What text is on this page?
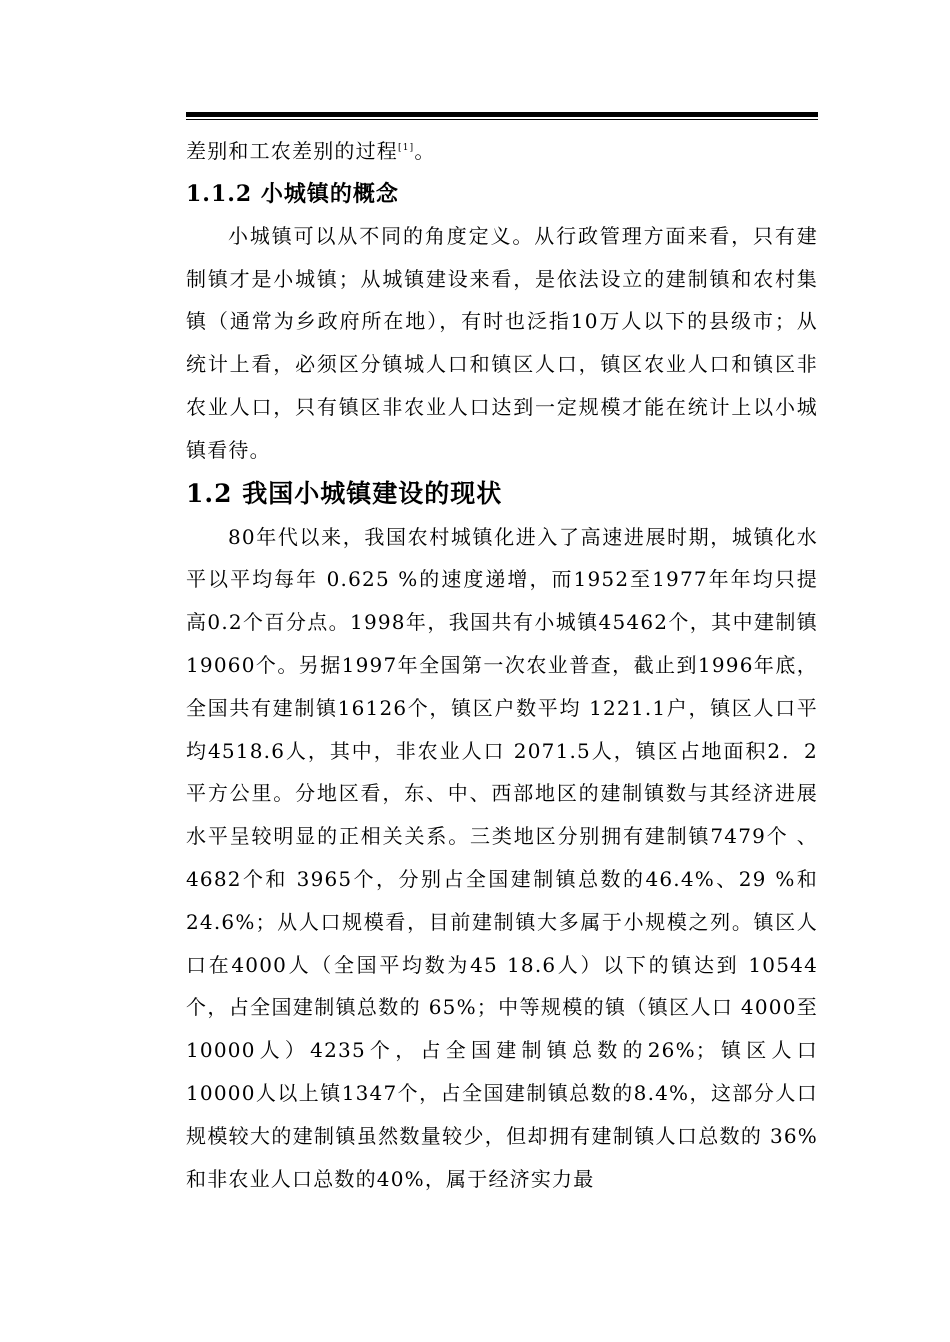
差别和工农差别的过程[1]。

1.1.2 小城镇的概念

小城镇可以从不同的角度定义。从行政管理方面来看，只有建制镇才是小城镇；从城镇建设来看，是依法设立的建制镇和农村集镇（通常为乡政府所在地），有时也泛指10万人以下的县级市；从统计上看，必须区分镇城人口和镇区人口，镇区农业人口和镇区非农业人口，只有镇区非农业人口达到一定规模才能在统计上以小城镇看待。

1.2 我国小城镇建设的现状

80年代以来，我国农村城镇化进入了高速进展时期，城镇化水平以平均每年 0.625 %的速度递增，而1952至1977年年均只提高0.2个百分点。1998年，我国共有小城镇45462个，其中建制镇19060个。另据1997年全国第一次农业普查，截止到1996年底，全国共有建制镇16126个，镇区户数平均 1221.1户，镇区人口平均4518.6人，其中，非农业人口 2071.5人，镇区占地面积2．2平方公里。分地区看，东、中、西部地区的建制镇数与其经济进展水平呈较明显的正相关关系。三类地区分别拥有建制镇7479个 、4682个和 3965个，分别占全国建制镇总数的46.4%、29 %和 24.6%；从人口规模看，目前建制镇大多属于小规模之列。镇区人口在4000人（全国平均数为45 18.6人）以下的镇达到 10544个，占全国建制镇总数的 65%；中等规模的镇（镇区人口 4000至10000人）4235个，占全国建制镇总数的26%；镇区人口 10000人以上镇1347个，占全国建制镇总数的8.4%，这部分人口规模较大的建制镇虽然数量较少，但却拥有建制镇人口总数的 36%和非农业人口总数的40%，属于经济实力最
